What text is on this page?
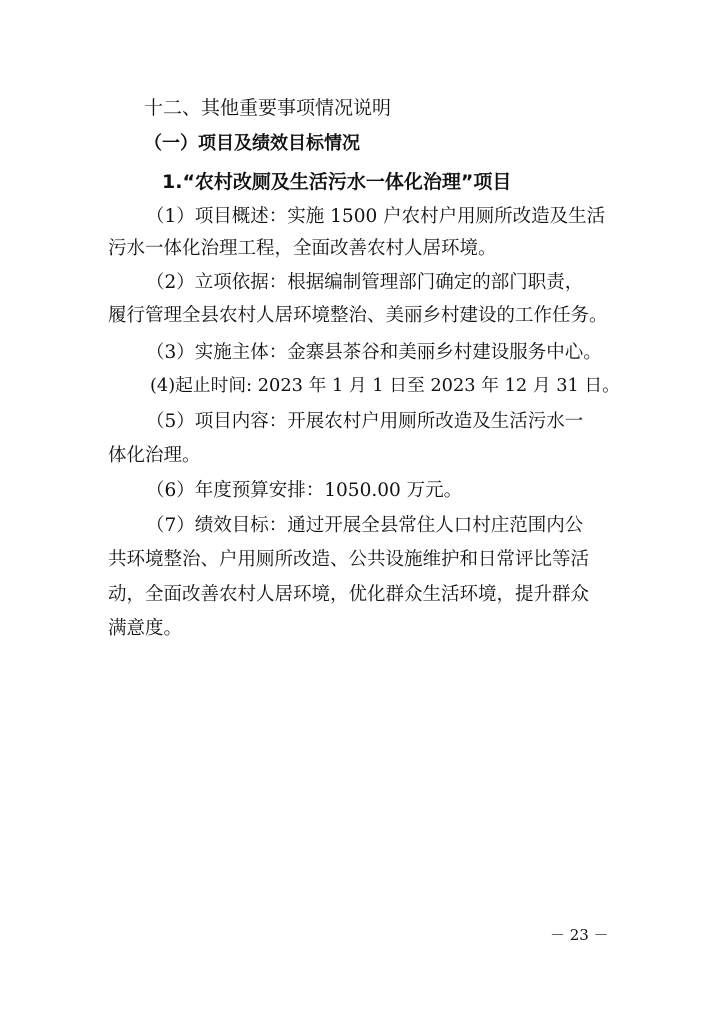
十二、其他重要事项情况说明
（一）项目及绩效目标情况
1.“农村改厕及生活污水一体化治理”项目
（1）项目概述：实施 1500 户农村户用厕所改造及生活
污水一体化治理工程，全面改善农村人居环境。
（2）立项依据：根据编制管理部门确定的部门职责，
履行管理全县农村人居环境整治、美丽乡村建设的工作任务。
（3）实施主体：金寨县茶谷和美丽乡村建设服务中心。
(4)起止时间: 2023 年 1 月 1 日至 2023 年 12 月 31 日。
（5）项目内容：开展农村户用厕所改造及生活污水一
体化治理。
（6）年度预算安排：1050.00 万元。
（7）绩效目标：通过开展全县常住人口村庄范围内公
共环境整治、户用厕所改造、公共设施维护和日常评比等活
动，全面改善农村人居环境，优化群众生活环境，提升群众
满意度。
－ 23 －
